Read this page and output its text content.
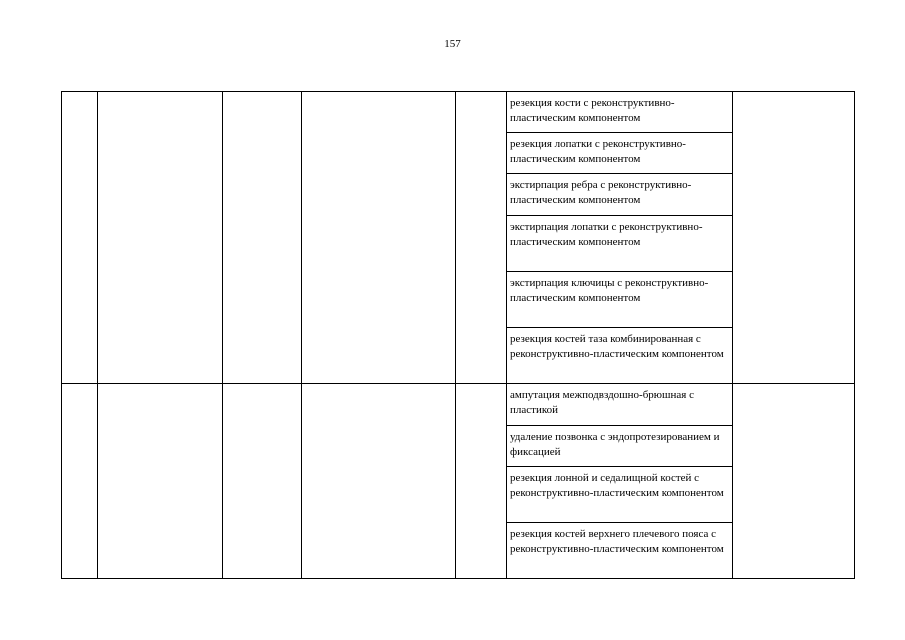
157
					резекция кости с реконструктивно-пластическим компонентом	
					резекция лопатки с реконструктивно-пластическим компонентом	
					экстирпация ребра с реконструктивно-пластическим компонентом	
					экстирпация лопатки с реконструктивно-пластическим компонентом	
					экстирпация ключицы с реконструктивно-пластическим компонентом	
					резекция костей таза комбинированная с реконструктивно-пластическим компонентом	
					ампутация межподвздошно-брюшная с пластикой	
					удаление позвонка с эндопротезированием и фиксацией	
					резекция лонной и седалищной костей с реконструктивно-пластическим компонентом	
					резекция костей верхнего плечевого пояса с реконструктивно-пластическим компонентом	
